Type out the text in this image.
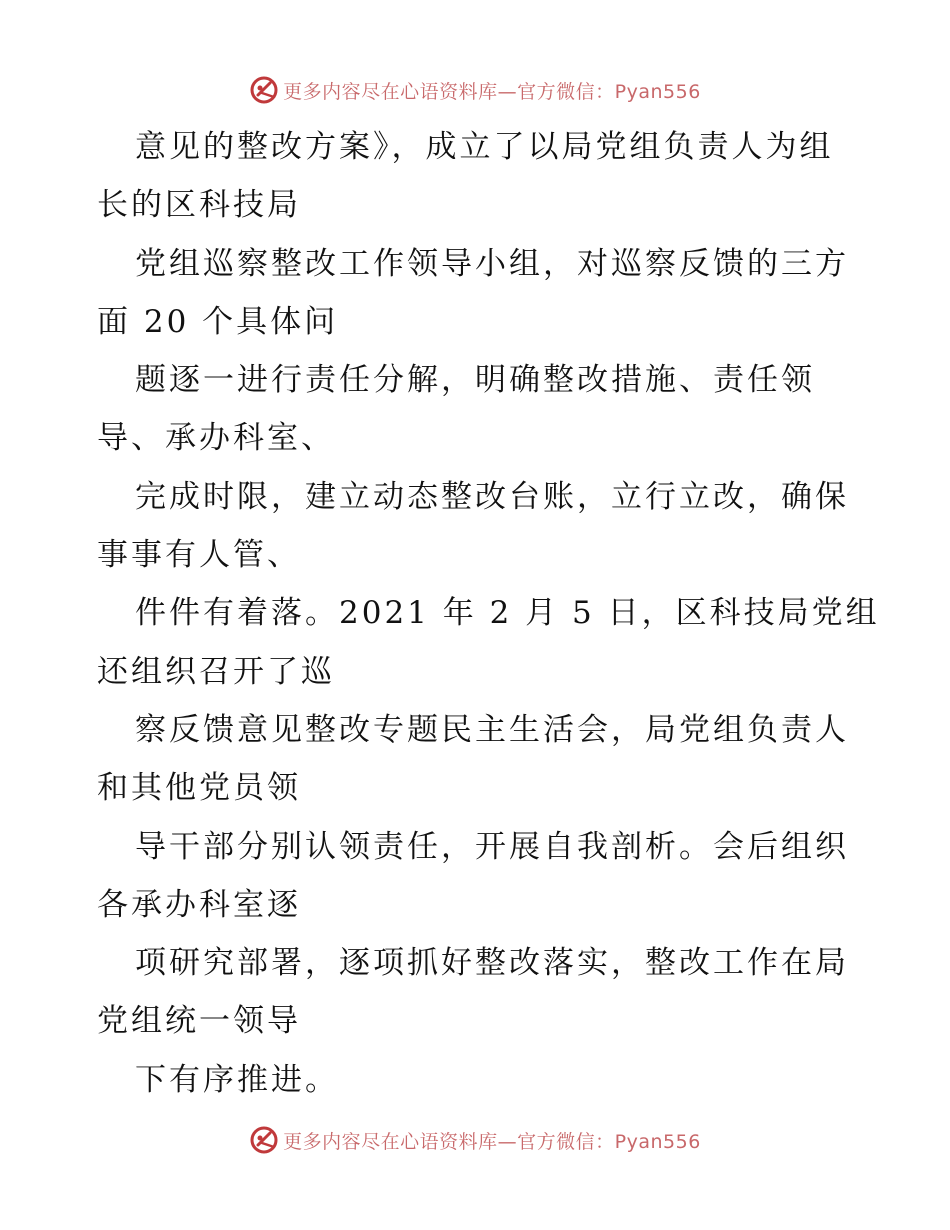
更多内容尽在心语资料库—官方微信：Pyan556
意见的整改方案》，成立了以局党组负责人为组
长的区科技局
党组巡察整改工作领导小组，对巡察反馈的三方
面 20 个具体问
题逐一进行责任分解，明确整改措施、责任领
导、承办科室、
完成时限，建立动态整改台账，立行立改，确保
事事有人管、
件件有着落。2021 年 2 月 5 日，区科技局党组
还组织召开了巡
察反馈意见整改专题民主生活会，局党组负责人
和其他党员领
导干部分别认领责任，开展自我剖析。会后组织
各承办科室逐
项研究部署，逐项抓好整改落实，整改工作在局
党组统一领导
下有序推进。
更多内容尽在心语资料库—官方微信：Pyan556
